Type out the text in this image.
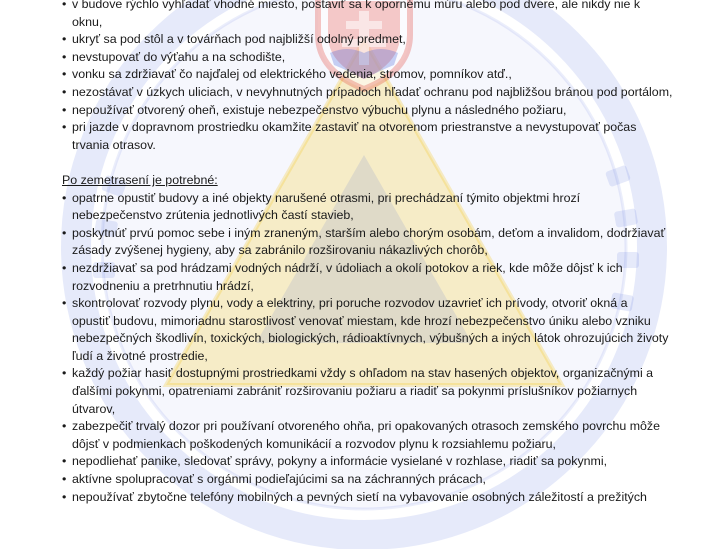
• v budove rýchlo vyhľadať vhodné miesto, postaviť sa k opornému múru alebo pod dvere, ale nikdy nie k
oknu,
• ukryť sa pod stôl a v továrňach pod najbližší odolný predmet,
• nevstupovať do výťahu a na schodište,
• vonku sa zdržiavať čo najďalej od elektrického vedenia, stromov, pomníkov atď.,
• nezostávať v úzkych uliciach, v nevyhnutných prípadoch hľadať ochranu pod najbližšou bránou pod portálom,
• nepoužívať otvorený oheň, existuje nebezpečenstvo výbuchu plynu a následného požiaru,
• pri jazde v dopravnom prostriedku okamžite zastaviť na otvorenom priestranstve a nevystupovať počas
trvania otrasov.
Po zemetrasení je potrebné:
• opatrne opustiť budovy a iné objekty narušené otrasmi, pri prechádzaní týmito objektmi hrozí
nebezpečenstvo zrútenia jednotlivých častí stavieb,
• poskytnúť prvú pomoc sebe i iným zraneným, starším alebo chorým osobám, deťom a invalidom, dodržiavať
zásady zvýšenej hygieny, aby sa zabránilo rozširovaniu nákazlivých chorôb,
• nezdržiavať sa pod hrádzami vodných nádrží, v údoliach a okolí potokov a riek, kde môže dôjsť k ich
rozvodneniu a pretrhnutiu hrádzí,
• skontrolovať rozvody plynu, vody a elektriny, pri poruche rozvodov uzavrieť ich prívody, otvoriť okná a
opustiť budovu, mimoriadnu starostlivosť venovať miestam, kde hrozí nebezpečenstvo úniku alebo vzniku
nebezpečných škodlivín, toxických, biologických, rádioaktívnych, výbušných a iných látok ohrozujúcich životy
ľudí a životné prostredie,
• každý požiar hasiť dostupnými prostriedkami vždy s ohľadom na stav hasených objektov, organizačnými a
ďalšími pokynmi, opatreniami zabrániť rozširovaniu požiaru a riadiť sa pokynmi príslušníkov požiarnych
útvarov,
• zabezpečiť trvalý dozor pri používaní otvoreného ohňa, pri opakovaných otrasoch zemského povrchu môže
dôjsť v podmienkach poškodených komunikácií a rozvodov plynu k rozsiahlemu požiaru,
• nepodliehať panike, sledovať správy, pokyny a informácie vysielané v rozhlase, riadiť sa pokynmi,
• aktívne spolupracovať s orgánmi podieľajúcimi sa na záchranných prácach,
• nepoužívať zbytočne telefóny mobilných a pevných sietí na vybavovanie osobných záležitostí a prežitých
